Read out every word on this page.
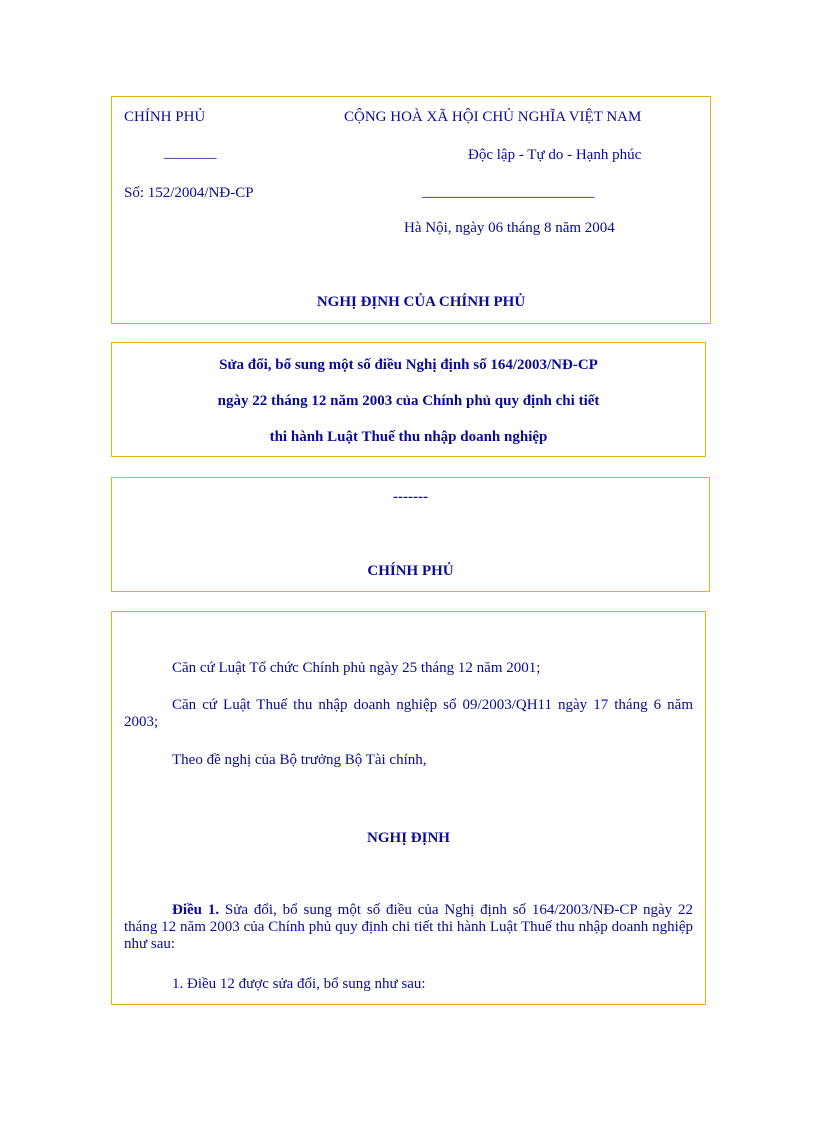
CHÍNH PHỦ
_______
Số: 152/2004/NĐ-CP
CỘNG HOÀ XÃ HỘI CHỦ NGHĨA VIỆT NAM
Độc lập - Tự do - Hạnh phúc
_______________________
Hà Nội, ngày 06 tháng 8 năm 2004
NGHỊ ĐỊNH CỦA CHÍNH PHỦ
Sửa đổi, bổ sung một số điều Nghị định số 164/2003/NĐ-CP
ngày 22 tháng 12 năm 2003 của Chính phủ quy định chi tiết
thi hành Luật Thuế thu nhập doanh nghiệp
-------
CHÍNH PHỦ
Căn cứ Luật Tổ chức Chính phủ ngày 25 tháng 12 năm 2001;
Căn cứ Luật Thuế thu nhập doanh nghiệp số 09/2003/QH11 ngày 17 tháng 6 năm 2003;
Theo đề nghị của Bộ trưởng Bộ Tài chính,
NGHỊ ĐỊNH
Điều 1. Sửa đổi, bổ sung một số điều của Nghị định số 164/2003/NĐ-CP ngày 22 tháng 12 năm 2003 của Chính phủ quy định chi tiết thi hành Luật Thuế thu nhập doanh nghiệp như sau:
1. Điều 12 được sửa đổi, bổ sung như sau:
